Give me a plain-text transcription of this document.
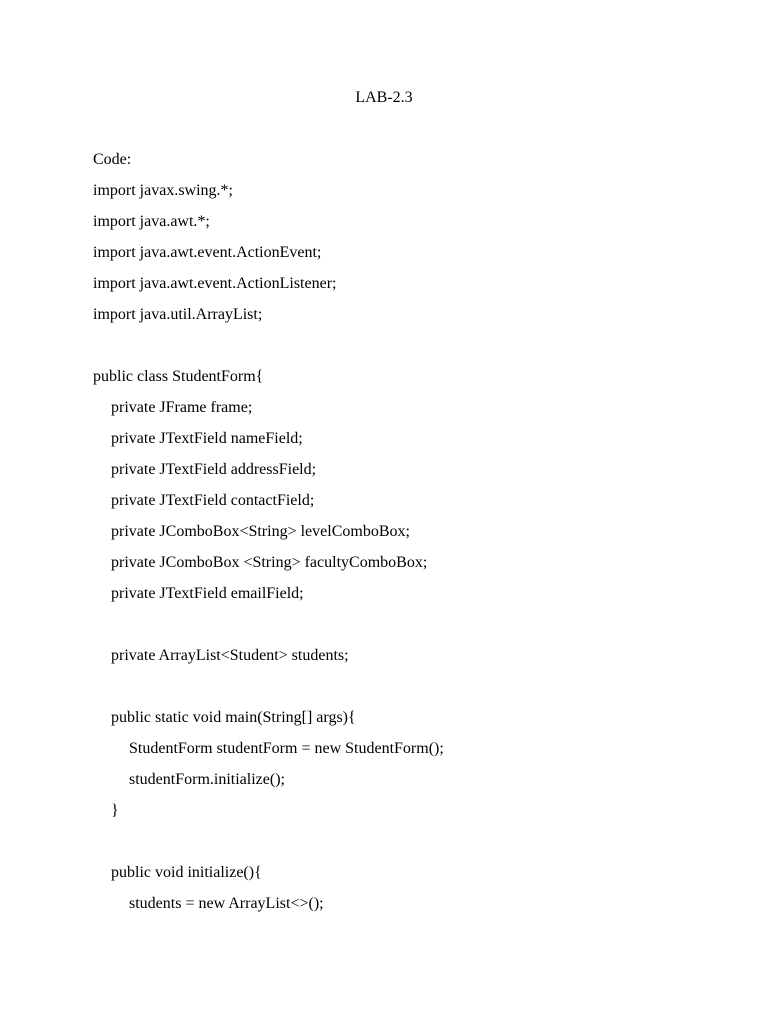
LAB-2.3
Code:
import javax.swing.*;
import java.awt.*;
import java.awt.event.ActionEvent;
import java.awt.event.ActionListener;
import java.util.ArrayList;
public class StudentForm{
private JFrame frame;
private JTextField nameField;
private JTextField addressField;
private JTextField contactField;
private JComboBox<String> levelComboBox;
private JComboBox <String> facultyComboBox;
private JTextField emailField;
private ArrayList<Student> students;
public static void main(String[] args){
StudentForm studentForm = new StudentForm();
studentForm.initialize();
}
public void initialize(){
students = new ArrayList<>();
